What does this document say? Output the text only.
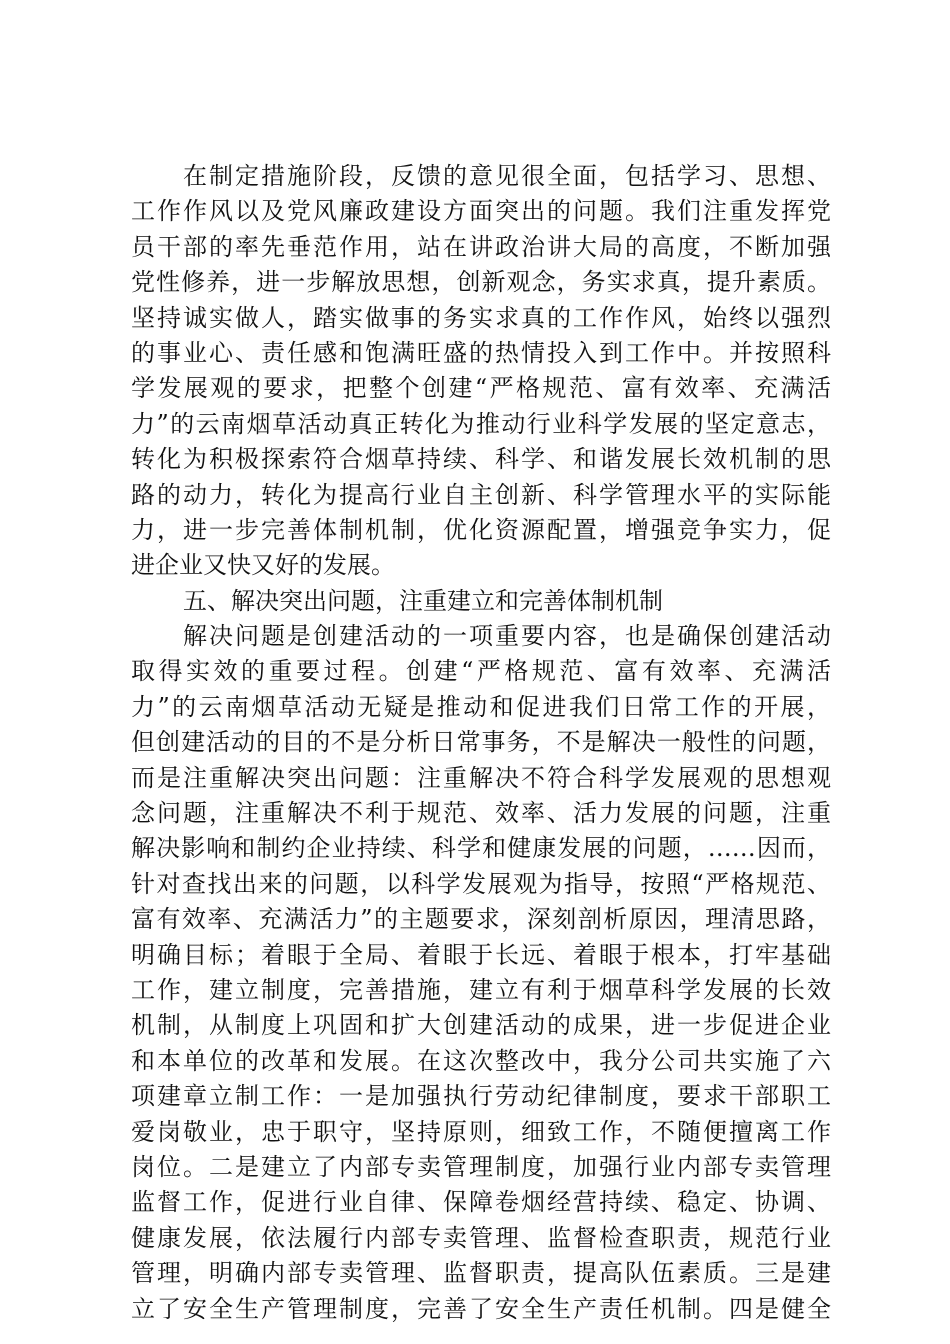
在制定措施阶段，反馈的意见很全面，包括学习、思想、
工作作风以及党风廉政建设方面突出的问题。我们注重发挥党
员干部的率先垂范作用，站在讲政治讲大局的高度，不断加强
党性修养，进一步解放思想，创新观念，务实求真，提升素质。
坚持诚实做人，踏实做事的务实求真的工作作风，始终以强烈
的事业心、责任感和饱满旺盛的热情投入到工作中。并按照科
学发展观的要求，把整个创建“严格规范、富有效率、充满活
力”的云南烟草活动真正转化为推动行业科学发展的坚定意志，
转化为积极探索符合烟草持续、科学、和谐发展长效机制的思
路的动力，转化为提高行业自主创新、科学管理水平的实际能
力，进一步完善体制机制，优化资源配置，增强竞争实力，促
进企业又快又好的发展。
五、解决突出问题，注重建立和完善体制机制
解决问题是创建活动的一项重要内容，也是确保创建活动
取得实效的重要过程。创建“严格规范、富有效率、充满活
力”的云南烟草活动无疑是推动和促进我们日常工作的开展，
但创建活动的目的不是分析日常事务，不是解决一般性的问题，
而是注重解决突出问题：注重解决不符合科学发展观的思想观
念问题，注重解决不利于规范、效率、活力发展的问题，注重
解决影响和制约企业持续、科学和健康发展的问题，……因而，
针对查找出来的问题，以科学发展观为指导，按照“严格规范、
富有效率、充满活力”的主题要求，深刻剖析原因，理清思路，
明确目标；着眼于全局、着眼于长远、着眼于根本，打牢基础
工作，建立制度，完善措施，建立有利于烟草科学发展的长效
机制，从制度上巩固和扩大创建活动的成果，进一步促进企业
和本单位的改革和发展。在这次整改中，我分公司共实施了六
项建章立制工作：一是加强执行劳动纪律制度，要求干部职工
爱岗敬业，忠于职守，坚持原则，细致工作，不随便擅离工作
岗位。二是建立了内部专卖管理制度，加强行业内部专卖管理
监督工作，促进行业自律、保障卷烟经营持续、稳定、协调、
健康发展，依法履行内部专卖管理、监督检查职责，规范行业
管理，明确内部专卖管理、监督职责，提高队伍素质。三是建
立了安全生产管理制度，完善了安全生产责任机制。四是健全
